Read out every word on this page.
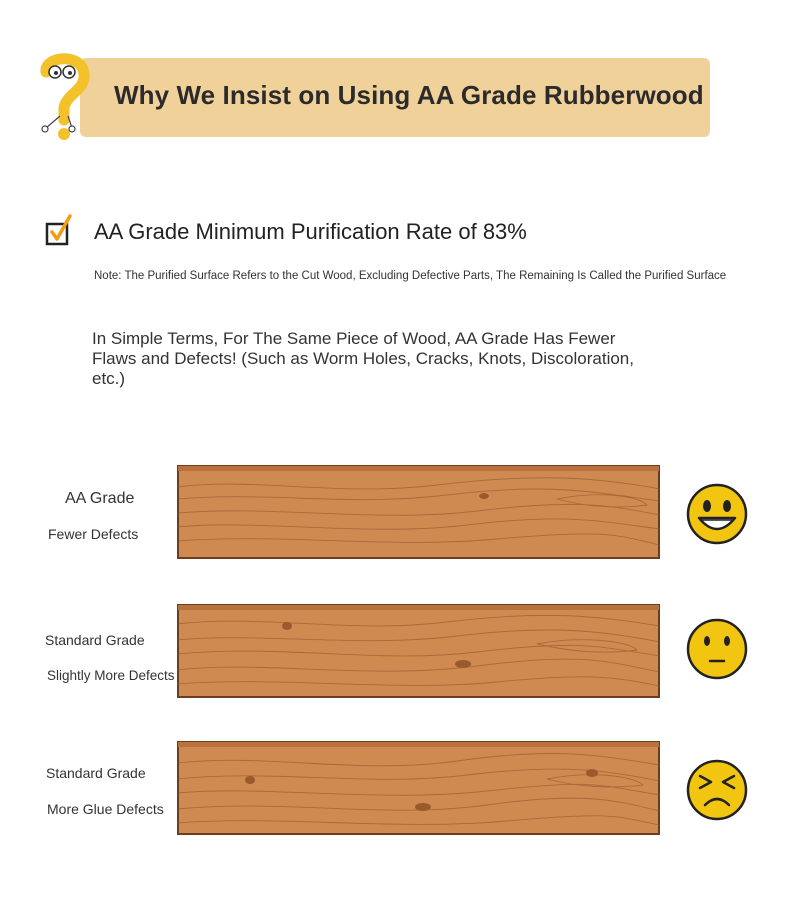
Why We Insist on Using AA Grade Rubberwood
AA Grade Minimum Purification Rate of 83%
Note: The Purified Surface Refers to the Cut Wood, Excluding Defective Parts, The Remaining Is Called the Purified Surface
In Simple Terms, For The Same Piece of Wood, AA Grade Has Fewer Flaws and Defects! (Such as Worm Holes, Cracks, Knots, Discoloration, etc.)
AA Grade
Fewer Defects
Standard Grade
Slightly More Defects
Standard Grade
More Glue Defects
